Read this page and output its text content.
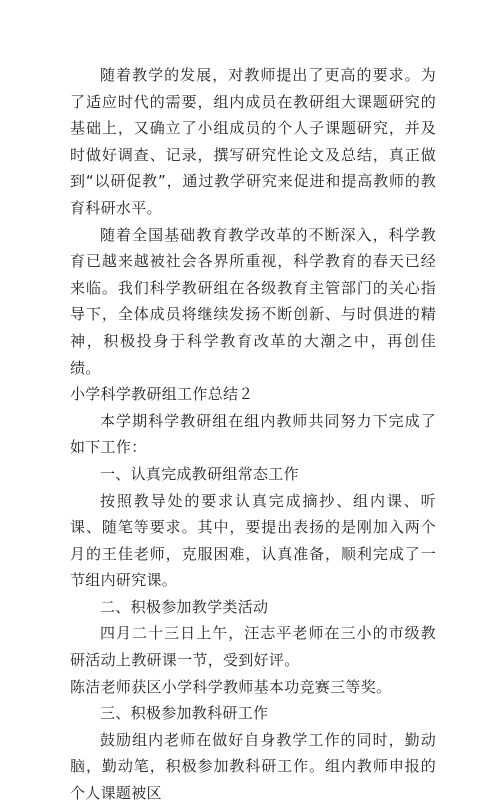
随着教学的发展，对教师提出了更高的要求。为了适应时代的需要，组内成员在教研组大课题研究的基础上，又确立了小组成员的个人子课题研究，并及时做好调查、记录，撰写研究性论文及总结，真正做到“以研促教”，通过教学研究来促进和提高教师的教育科研水平。

随着全国基础教育教学改革的不断深入，科学教育已越来越被社会各界所重视，科学教育的春天已经来临。我们科学教研组在各级教育主管部门的关心指导下，全体成员将继续发扬不断创新、与时俱进的精神，积极投身于科学教育改革的大潮之中，再创佳绩。

小学科学教研组工作总结２

本学期科学教研组在组内教师共同努力下完成了如下工作：

一、认真完成教研组常态工作

按照教导处的要求认真完成摘抄、组内课、听课、随笔等要求。其中，要提出表扬的是刚加入两个月的王佳老师，克服困难，认真准备，顺利完成了一节组内研究课。

二、积极参加教学类活动

四月二十三日上午，汪志平老师在三小的市级教研活动上教研课一节，受到好评。

陈洁老师获区小学科学教师基本功竞赛三等奖。

三、积极参加教科研工作

鼓励组内老师在做好自身教学工作的同时，勤动脑，勤动笔，积极参加教科研工作。组内教师申报的个人课题被区
